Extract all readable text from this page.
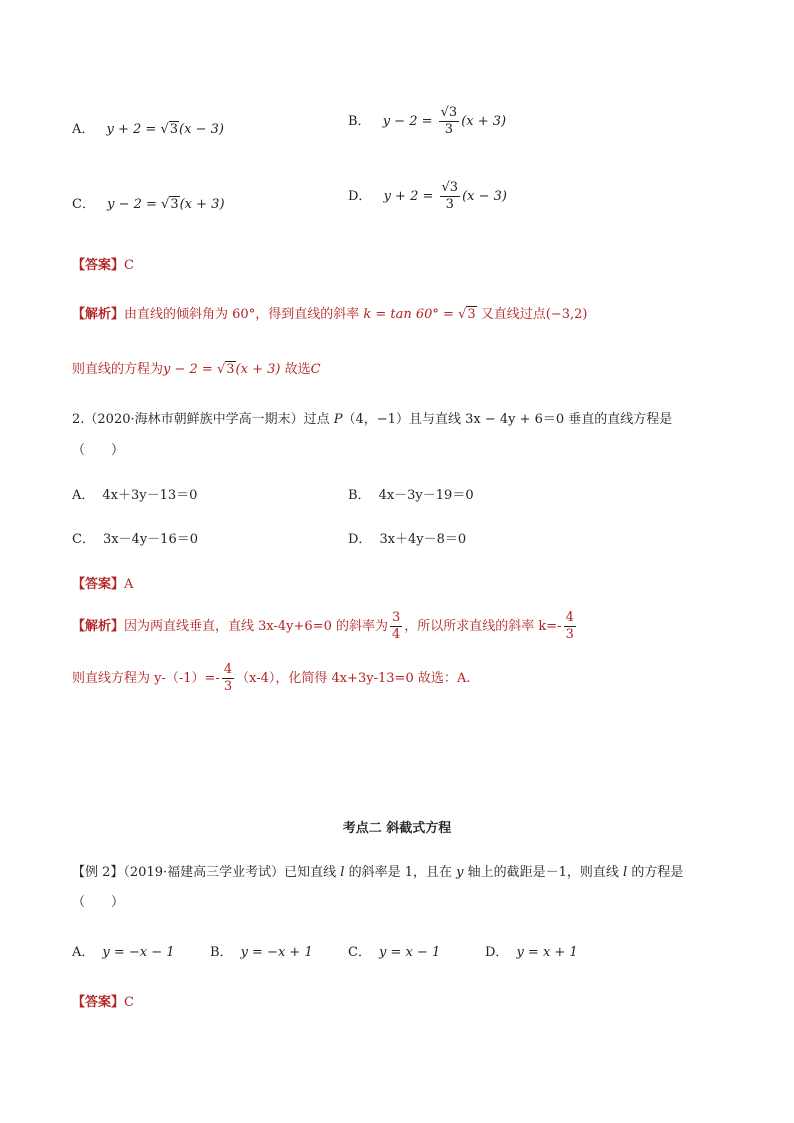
A． y + 2 = √3(x − 3)
B． $y - 2 = \frac{√3}{3} (x + 3)$
C． y − 2 = √3(x + 3)
D． $y + 2 = \frac{√3}{3} (x - 3)$
【答案】C
【解析】由直线的倾斜角为 60°，得到直线的斜率 k = tan 60° = √3 又直线过点(−3,2)
则直线的方程为y − 2 = √3(x + 3) 故选C
2.（2020·海林市朝鲜族中学高一期末）过点 P（4，−1）且与直线 3x − 4y + 6＝0 垂直的直线方程是
（　　）
A． 4x＋3y－13＝0	B． 4x－3y－19＝0
C． 3x－4y－16＝0	D． 3x＋4y－8＝0
【答案】A
【解析】因为两直线垂直，直线 3x-4y+6=0 的斜率为 $\frac{3}{4}$ ，所以所求直线的斜率 $k=- \frac{4}{3}$
则直线方程为 $y-(-1)=- \frac{4}{3} (x-4)$，化简得 4x+3y-13=0 故选：A.
考点二 斜截式方程
【例 2】（2019·福建高三学业考试）已知直线 l 的斜率是 1，且在 y 轴上的截距是－1，则直线 l 的方程是
（　　）
A． y = −x − 1	B． y = −x + 1	C． y = x − 1	D． y = x + 1
【答案】C
